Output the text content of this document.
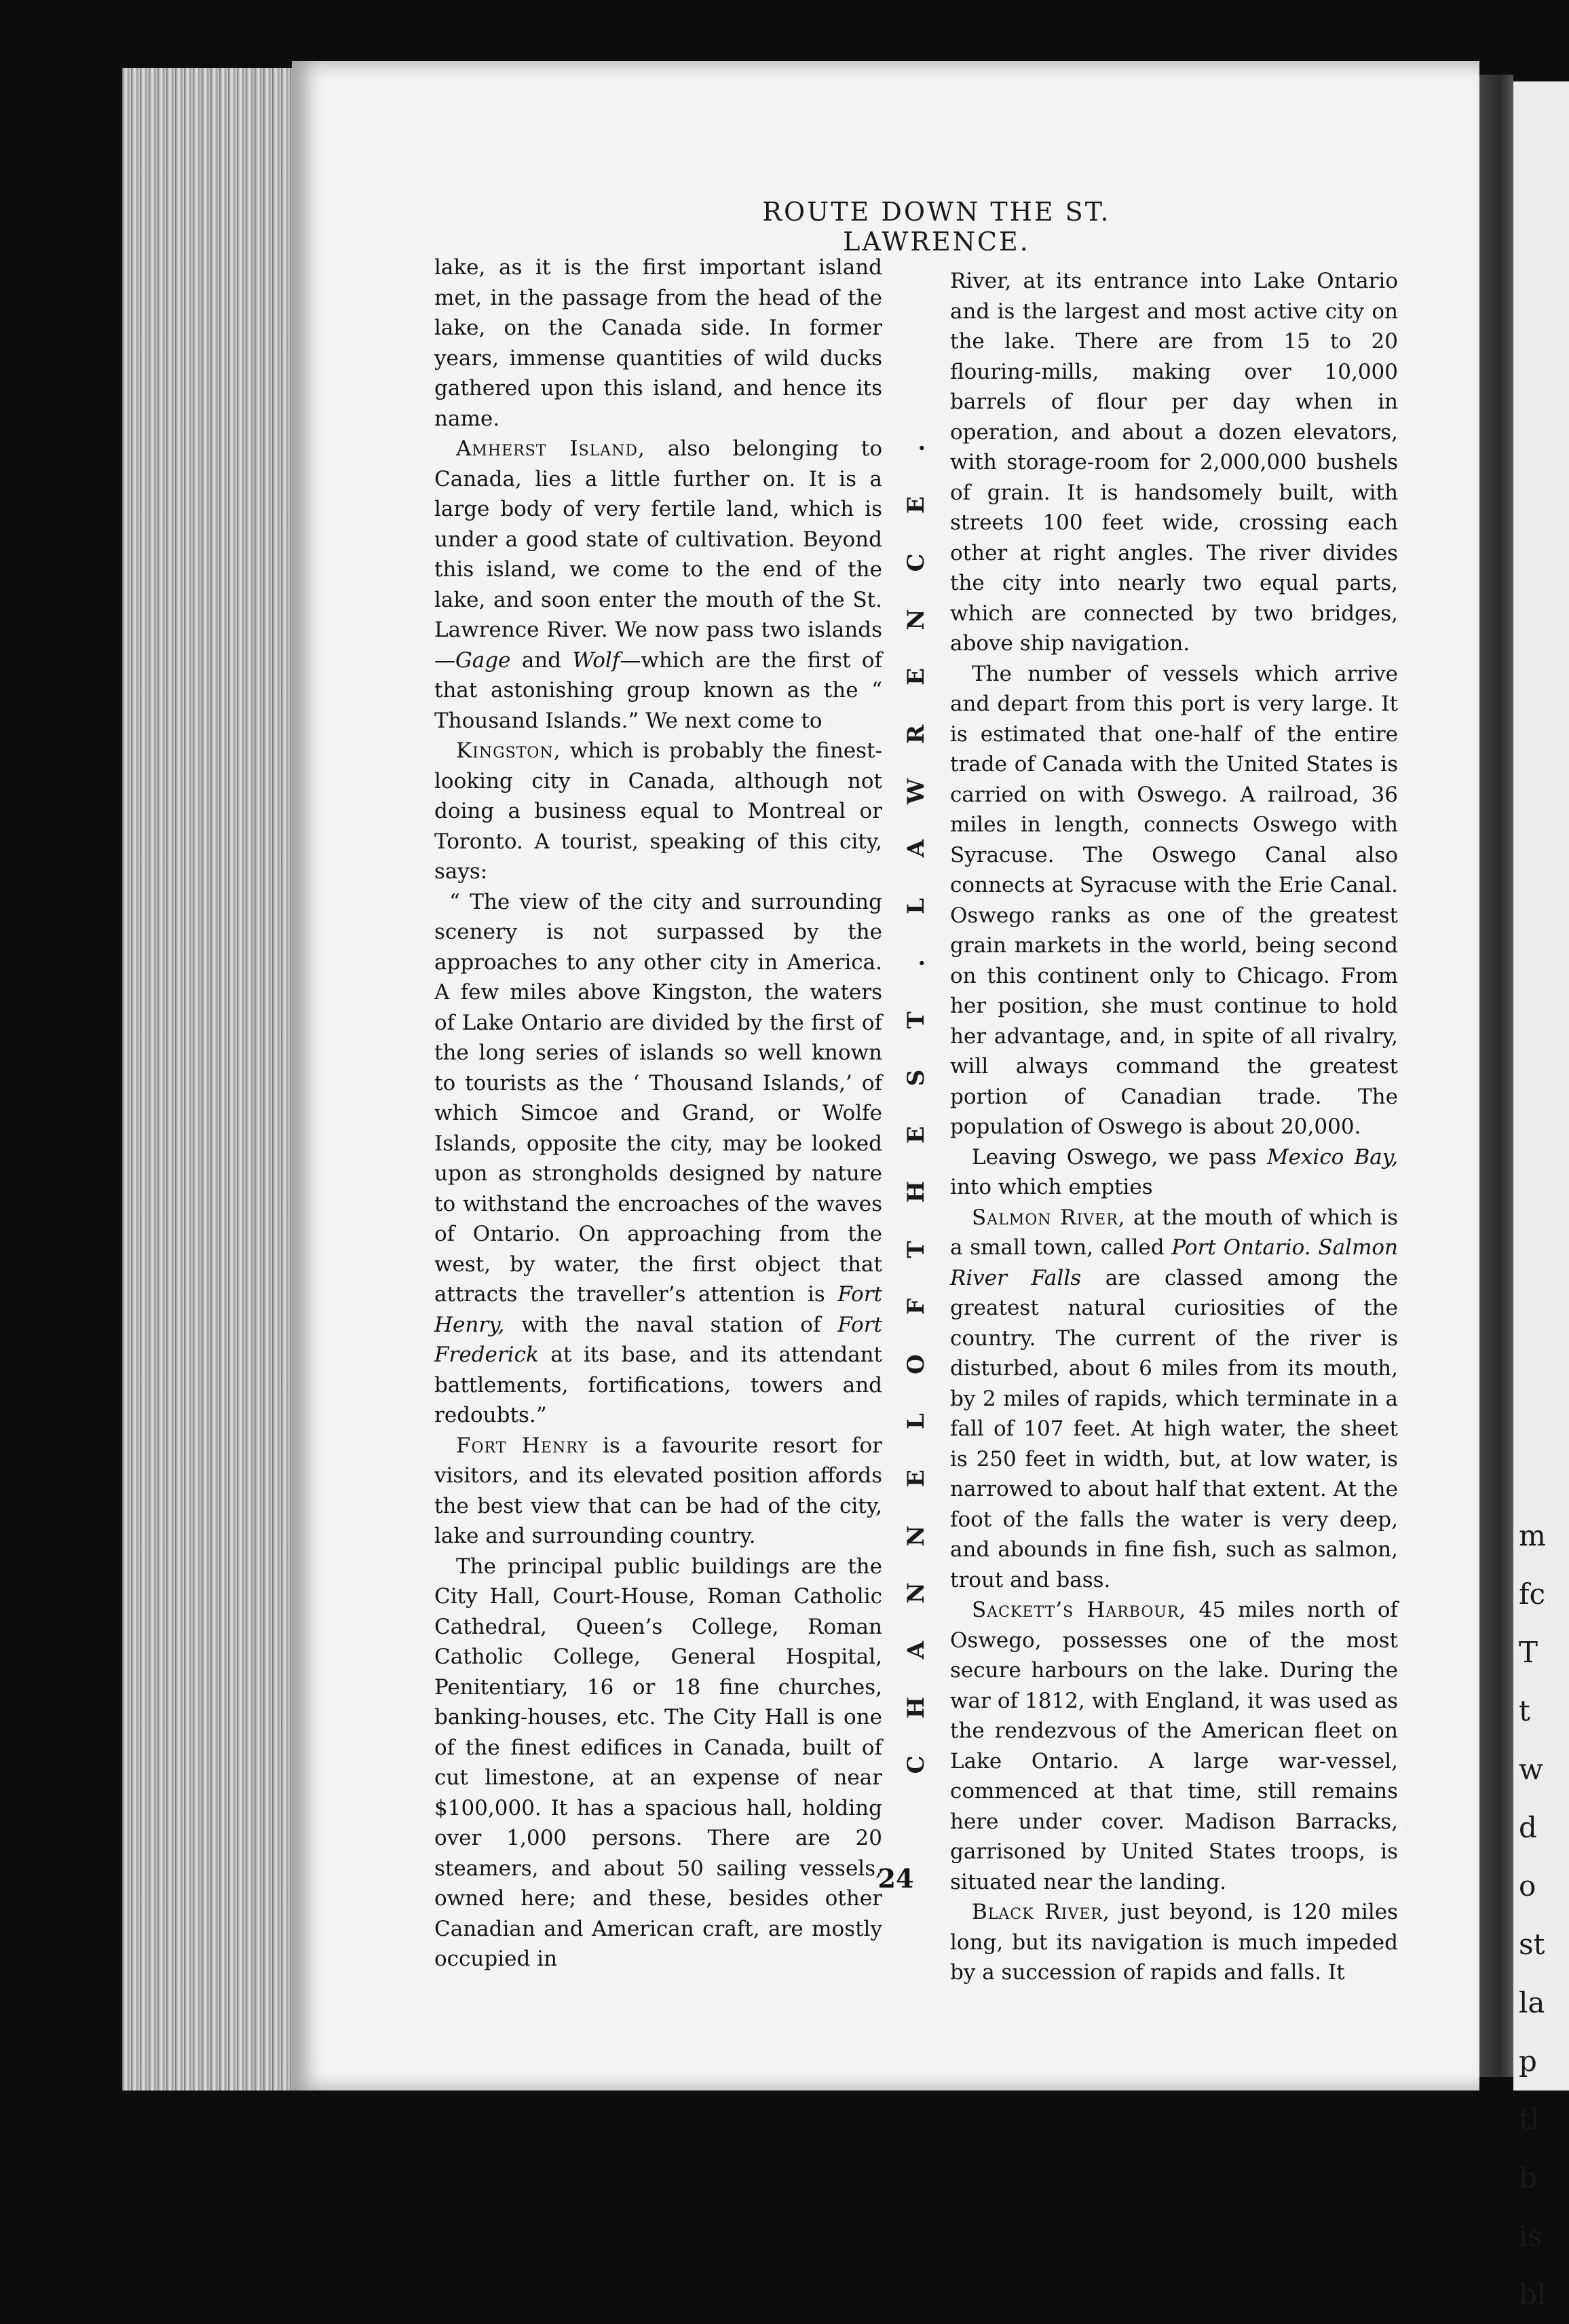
m
fc
T
t
w
d
o
st
la
p
tl
b
is
bl
ROUTE DOWN THE ST. LAWRENCE.

lake, as it is the first important island met, in the passage from the head of the lake, on the Canada side. In former years, immense quantities of wild ducks gathered upon this island, and hence its name.

Amherst Island, also belonging to Canada, lies a little further on. It is a large body of very fertile land, which is under a good state of cultivation. Beyond this island, we come to the end of the lake, and soon enter the mouth of the St. Lawrence River. We now pass two islands—Gage and Wolf—which are the first of that astonishing group known as the “ Thousand Islands.” We next come to

Kingston, which is probably the finest-looking city in Canada, although not doing a business equal to Montreal or Toronto. A tourist, speaking of this city, says:

“ The view of the city and surrounding scenery is not surpassed by the approaches to any other city in America. A few miles above Kingston, the waters of Lake Ontario are divided by the first of the long series of islands so well known to tourists as the ‘ Thousand Islands,’ of which Simcoe and Grand, or Wolfe Islands, opposite the city, may be looked upon as strongholds designed by nature to withstand the encroaches of the waves of Ontario. On approaching from the west, by water, the first object that attracts the traveller’s attention is Fort Henry, with the naval station of Fort Frederick at its base, and its attendant battlements, fortifications, towers and redoubts.”

Fort Henry is a favourite resort for visitors, and its elevated position affords the best view that can be had of the city, lake and surrounding country.

The principal public buildings are the City Hall, Court-House, Roman Catholic Cathedral, Queen’s College, Roman Catholic College, General Hospital, Penitentiary, 16 or 18 fine churches, banking-houses, etc. The City Hall is one of the finest edifices in Canada, built of cut limestone, at an expense of near $100,000. It has a spacious hall, holding over 1,000 persons. There are 20 steamers, and about 50 sailing vessels, owned here; and these, besides other Canadian and American craft, are mostly occupied in

C
H
A
N
N
E
L
O
F
T
H
E
S
T
.
L
A
W
R
E
N
C
E
.

River, at its entrance into Lake Ontario and is the largest and most active city on the lake. There are from 15 to 20 flouring-mills, making over 10,000 barrels of flour per day when in operation, and about a dozen elevators, with storage-room for 2,000,000 bushels of grain. It is handsomely built, with streets 100 feet wide, crossing each other at right angles. The river divides the city into nearly two equal parts, which are connected by two bridges, above ship navigation.

The number of vessels which arrive and depart from this port is very large. It is estimated that one-half of the entire trade of Canada with the United States is carried on with Oswego. A railroad, 36 miles in length, connects Oswego with Syracuse. The Oswego Canal also connects at Syracuse with the Erie Canal. Oswego ranks as one of the greatest grain markets in the world, being second on this continent only to Chicago. From her position, she must continue to hold her advantage, and, in spite of all rivalry, will always command the greatest portion of Canadian trade. The population of Oswego is about 20,000.

Leaving Oswego, we pass Mexico Bay, into which empties

Salmon River, at the mouth of which is a small town, called Port Ontario. Salmon River Falls are classed among the greatest natural curiosities of the country. The current of the river is disturbed, about 6 miles from its mouth, by 2 miles of rapids, which terminate in a fall of 107 feet. At high water, the sheet is 250 feet in width, but, at low water, is narrowed to about half that extent. At the foot of the falls the water is very deep, and abounds in fine fish, such as salmon, trout and bass.

Sackett’s Harbour, 45 miles north of Oswego, possesses one of the most secure harbours on the lake. During the war of 1812, with England, it was used as the rendezvous of the American fleet on Lake Ontario. A large war-vessel, commenced at that time, still remains here under cover. Madison Barracks, garrisoned by United States troops, is situated near the landing.

Black River, just beyond, is 120 miles long, but its navigation is much impeded by a succession of rapids and falls. It

24
